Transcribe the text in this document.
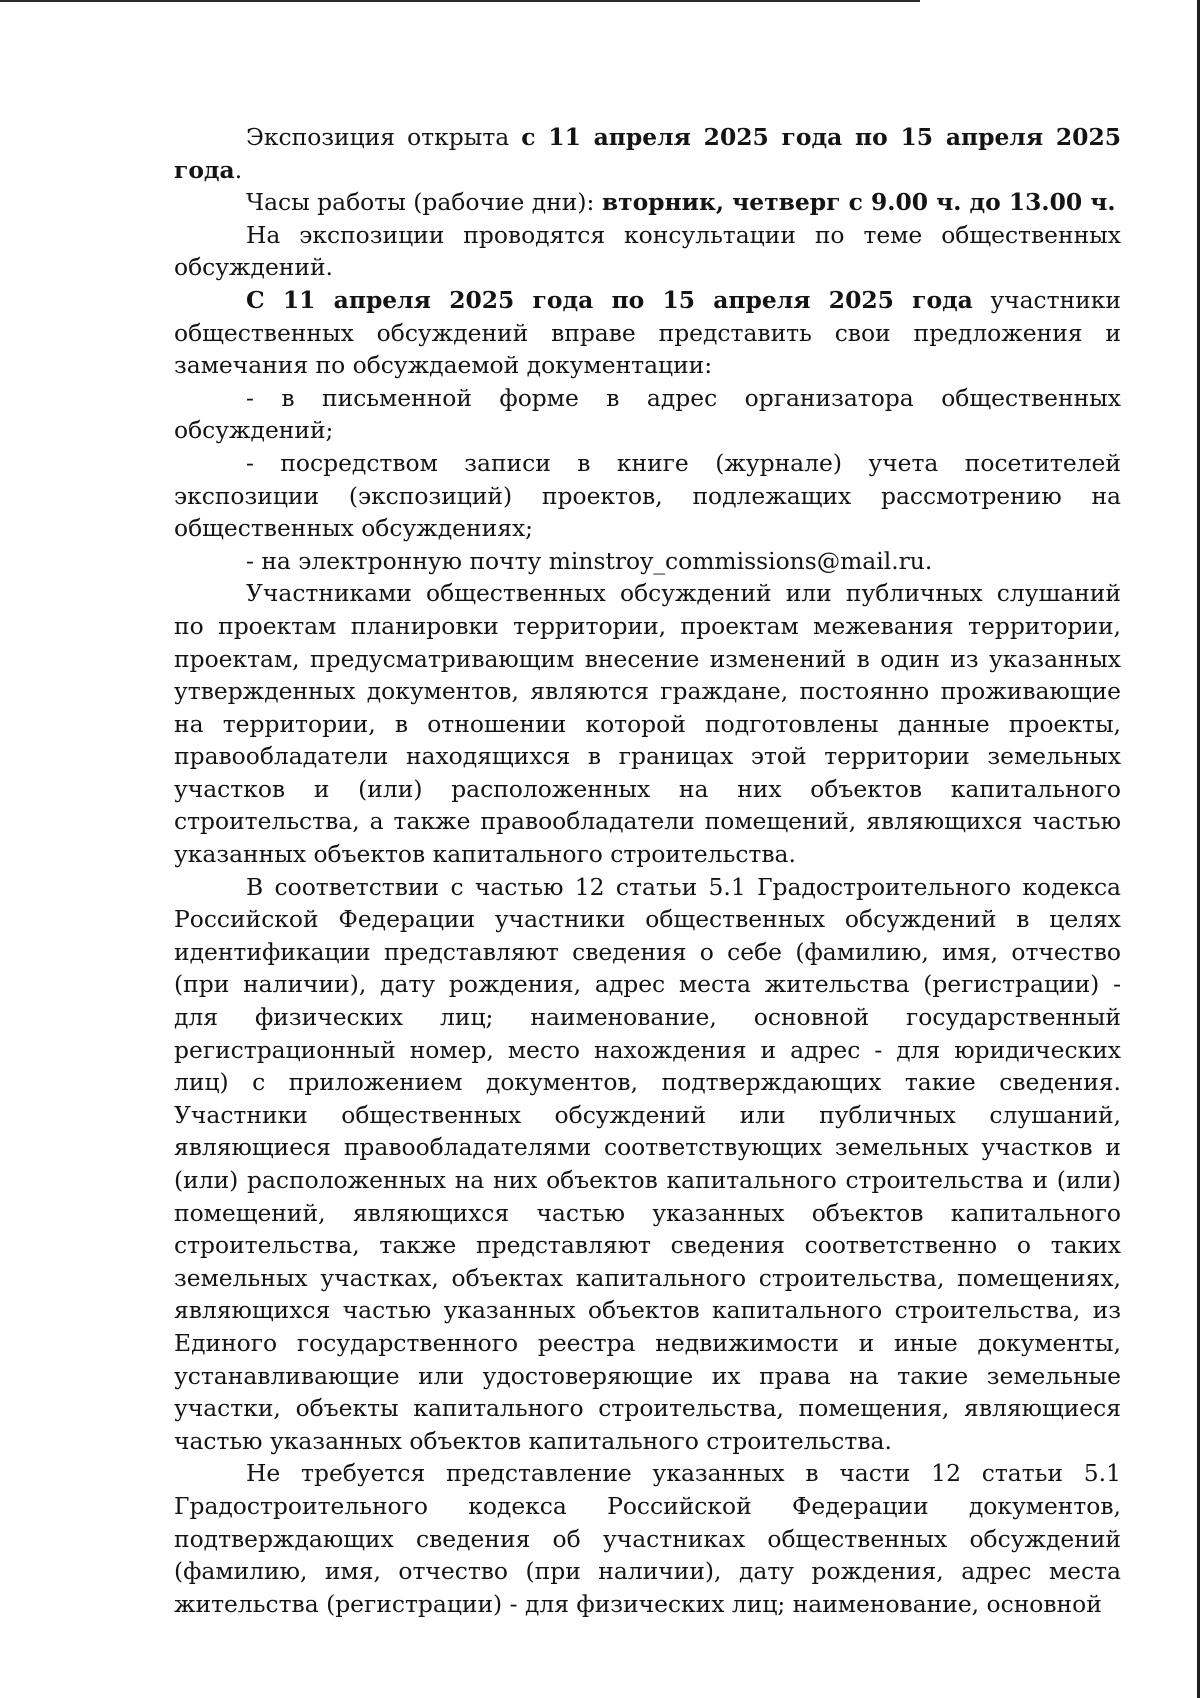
Экспозиция открыта с 11 апреля 2025 года по 15 апреля 2025 года.

Часы работы (рабочие дни): вторник, четверг с 9.00 ч. до 13.00 ч.

На экспозиции проводятся консультации по теме общественных обсуждений.

С 11 апреля 2025 года по 15 апреля 2025 года участники общественных обсуждений вправе представить свои предложения и замечания по обсуждаемой документации:

- в письменной форме в адрес организатора общественных обсуждений;

- посредством записи в книге (журнале) учета посетителей экспозиции (экспозиций) проектов, подлежащих рассмотрению на общественных обсуждениях;

- на электронную почту minstroy_commissions@mail.ru.

Участниками общественных обсуждений или публичных слушаний по проектам планировки территории, проектам межевания территории, проектам, предусматривающим внесение изменений в один из указанных утвержденных документов, являются граждане, постоянно проживающие на территории, в отношении которой подготовлены данные проекты, правообладатели находящихся в границах этой территории земельных участков и (или) расположенных на них объектов капитального строительства, а также правообладатели помещений, являющихся частью указанных объектов капитального строительства.

В соответствии с частью 12 статьи 5.1 Градостроительного кодекса Российской Федерации участники общественных обсуждений в целях идентификации представляют сведения о себе (фамилию, имя, отчество (при наличии), дату рождения, адрес места жительства (регистрации) - для физических лиц; наименование, основной государственный регистрационный номер, место нахождения и адрес - для юридических лиц) с приложением документов, подтверждающих такие сведения. Участники общественных обсуждений или публичных слушаний, являющиеся правообладателями соответствующих земельных участков и (или) расположенных на них объектов капитального строительства и (или) помещений, являющихся частью указанных объектов капитального строительства, также представляют сведения соответственно о таких земельных участках, объектах капитального строительства, помещениях, являющихся частью указанных объектов капитального строительства, из Единого государственного реестра недвижимости и иные документы, устанавливающие или удостоверяющие их права на такие земельные участки, объекты капитального строительства, помещения, являющиеся частью указанных объектов капитального строительства.

Не требуется представление указанных в части 12 статьи 5.1 Градостроительного кодекса Российской Федерации документов, подтверждающих сведения об участниках общественных обсуждений (фамилию, имя, отчество (при наличии), дату рождения, адрес места жительства (регистрации) - для физических лиц; наименование, основной
